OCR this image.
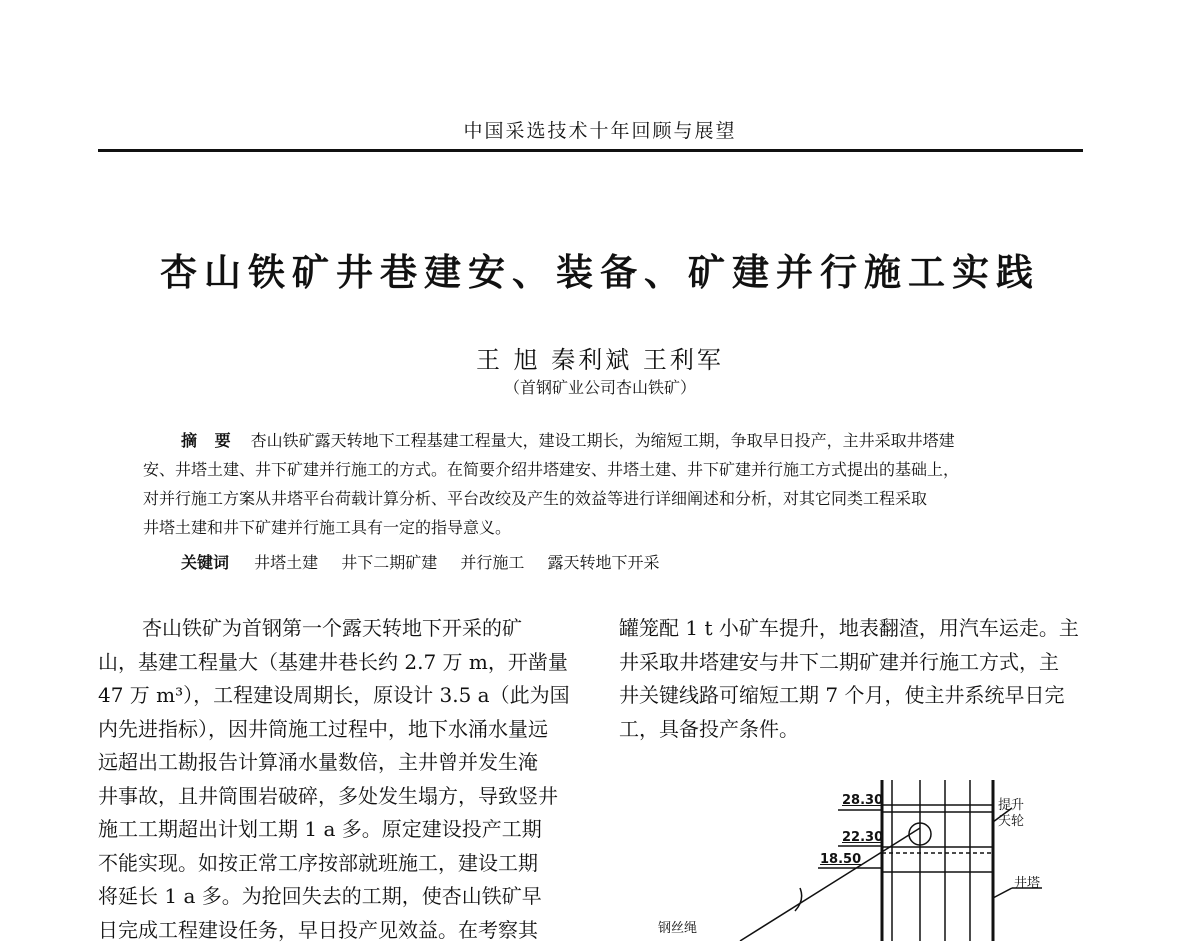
中国采选技术十年回顾与展望
杏山铁矿井巷建安、装备、矿建并行施工实践
王 旭 秦利斌 王利军
（首钢矿业公司杏山铁矿）
摘 要 杏山铁矿露天转地下工程基建工程量大，建设工期长，为缩短工期，争取早日投产，主井采取井塔建
安、井塔土建、井下矿建并行施工的方式。在简要介绍井塔建安、井塔土建、井下矿建并行施工方式提出的基础上，
对并行施工方案从井塔平台荷载计算分析、平台改绞及产生的效益等进行详细阐述和分析，对其它同类工程采取
井塔土建和井下矿建并行施工具有一定的指导意义。
关键词 井塔土建 井下二期矿建 并行施工 露天转地下开采
杏山铁矿为首钢第一个露天转地下开采的矿
山，基建工程量大（基建井巷长约 2.7 万 m，开凿量
47 万 m³），工程建设周期长，原设计 3.5 a（此为国
内先进指标），因井筒施工过程中，地下水涌水量远
远超出工勘报告计算涌水量数倍，主井曾并发生淹
井事故，且井筒围岩破碎，多处发生塌方，导致竖井
施工工期超出计划工期 1 a 多。原定建设投产工期
不能实现。如按正常工序按部就班施工，建设工期
将延长 1 a 多。为抢回失去的工期，使杏山铁矿早
日完成工程建设任务，早日投产见效益。在考察其
罐笼配 1 t 小矿车提升，地表翻渣，用汽车运走。主
井采取井塔建安与井下二期矿建并行施工方式，主
井关键线路可缩短工期 7 个月，使主井系统早日完
工，具备投产条件。
28.30
22.30
18.50
提升天轮
井塔
钢丝绳
